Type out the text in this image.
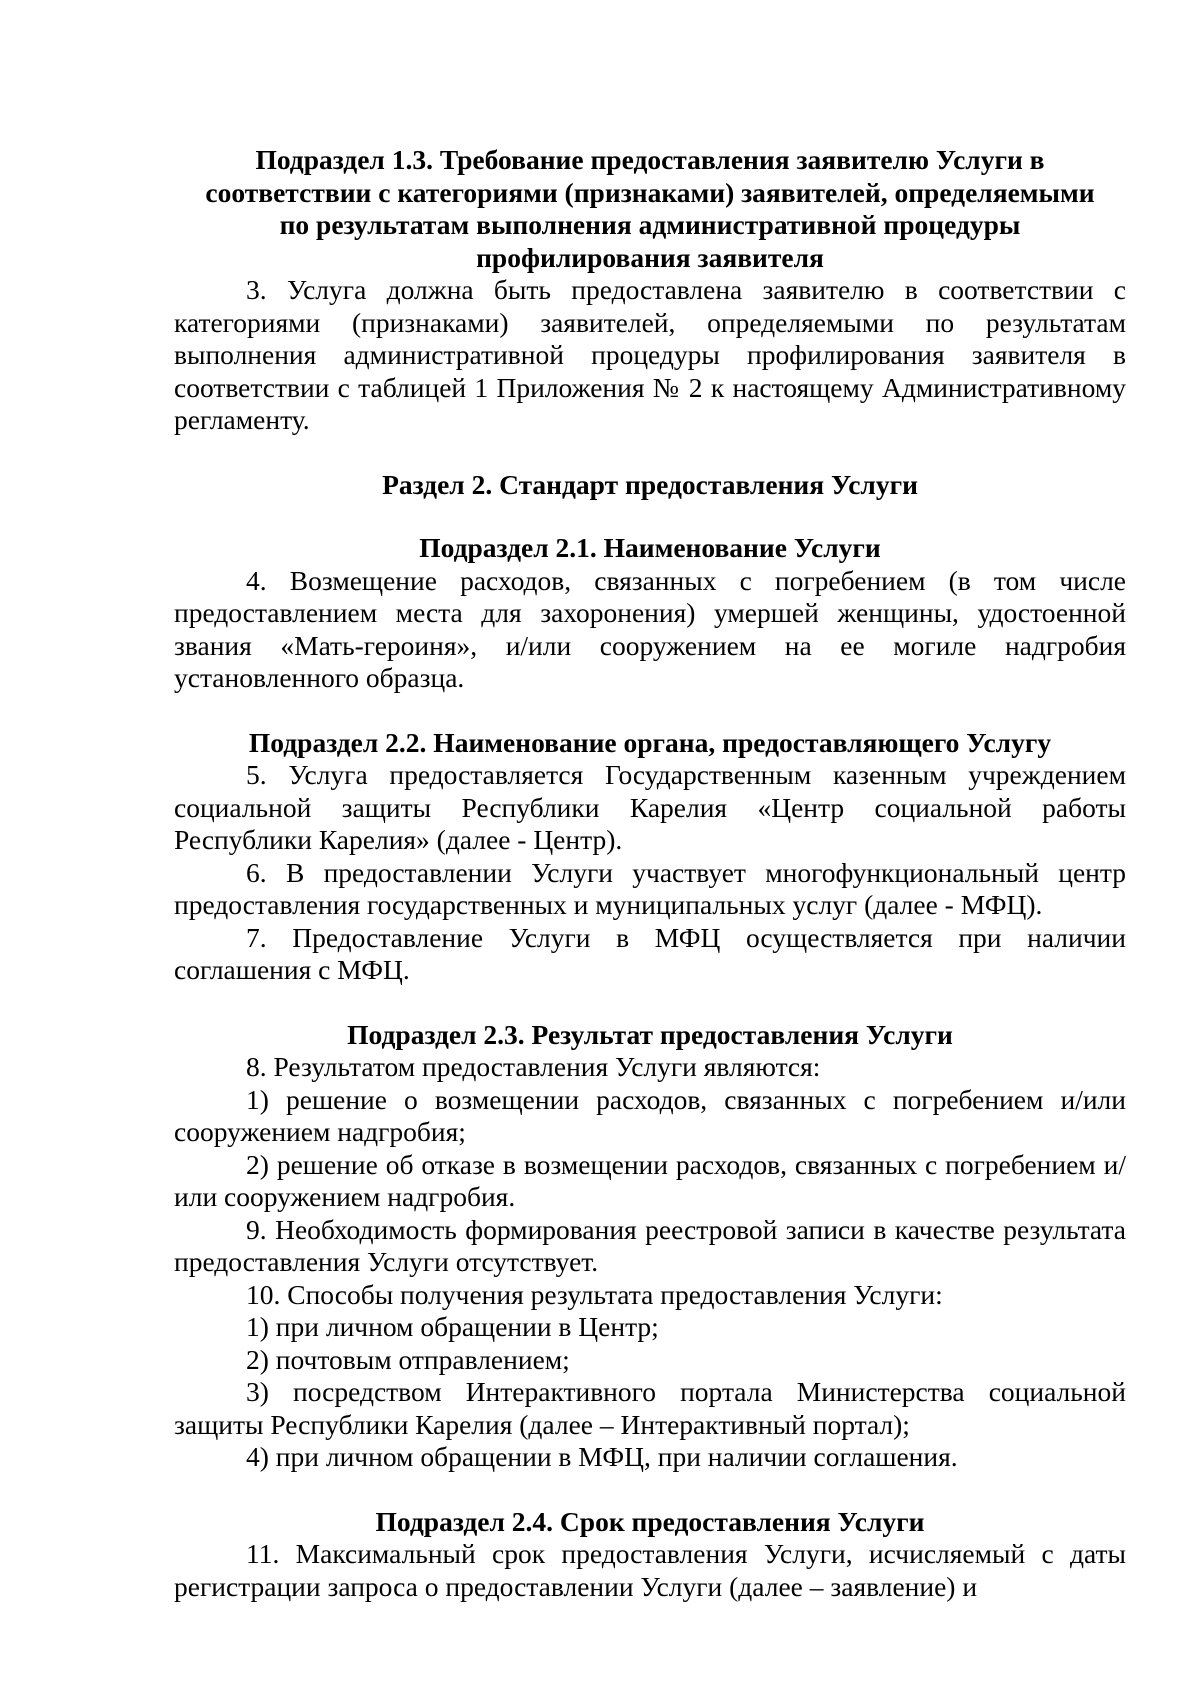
Подраздел 1.3. Требование предоставления заявителю Услуги в соответствии с категориями (признаками) заявителей, определяемыми по результатам выполнения административной процедуры профилирования заявителя

3. Услуга должна быть предоставлена заявителю в соответствии с категориями (признаками) заявителей, определяемыми по результатам выполнения административной процедуры профилирования заявителя в соответствии с таблицей 1 Приложения № 2 к настоящему Административному регламенту.

Раздел 2. Стандарт предоставления Услуги

Подраздел 2.1. Наименование Услуги

4. Возмещение расходов, связанных с погребением (в том числе предоставлением места для захоронения) умершей женщины, удостоенной звания «Мать-героиня», и/или сооружением на ее могиле надгробия установленного образца.

Подраздел 2.2. Наименование органа, предоставляющего Услугу

5. Услуга предоставляется Государственным казенным учреждением социальной защиты Республики Карелия «Центр социальной работы Республики Карелия» (далее - Центр).

6. В предоставлении Услуги участвует многофункциональный центр предоставления государственных и муниципальных услуг (далее - МФЦ).

7. Предоставление Услуги в МФЦ осуществляется при наличии соглашения с МФЦ.

Подраздел 2.3. Результат предоставления Услуги

8. Результатом предоставления Услуги являются:

1) решение о возмещении расходов, связанных с погребением и/или сооружением надгробия;

2) решение об отказе в возмещении расходов, связанных с погребением и/или сооружением надгробия.

9. Необходимость формирования реестровой записи в качестве результата предоставления Услуги отсутствует.

10. Способы получения результата предоставления Услуги:

1) при личном обращении в Центр;

2) почтовым отправлением;

3) посредством Интерактивного портала Министерства социальной защиты Республики Карелия (далее – Интерактивный портал);

4) при личном обращении в МФЦ, при наличии соглашения.

Подраздел 2.4. Срок предоставления Услуги

11. Максимальный срок предоставления Услуги, исчисляемый с даты регистрации запроса о предоставлении Услуги (далее – заявление) и
